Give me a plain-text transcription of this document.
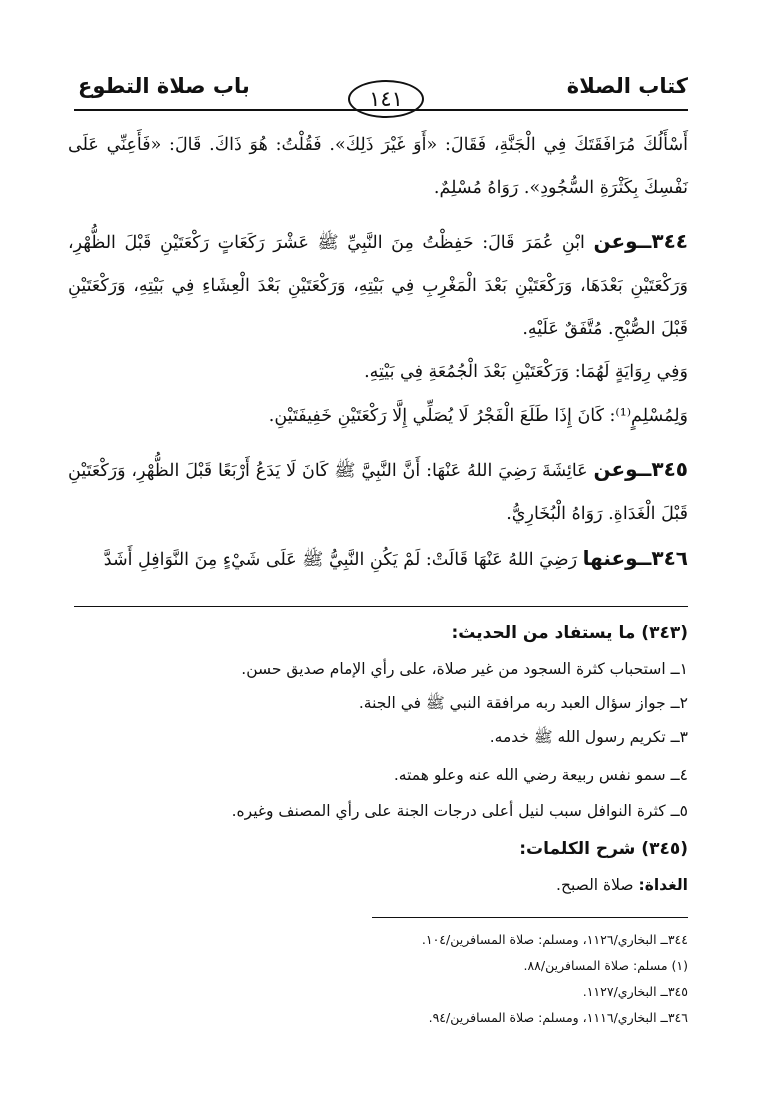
كتاب الصلاة
١٤١
باب صلاة التطوع
أَسْأَلُكَ مُرَافَقَتَكَ فِي الْجَنَّةِ، فَقَالَ: «أَوَ غَيْرَ ذَلِكَ». فَقُلْتُ: هُوَ ذَاكَ. قَالَ: «فَأَعِنِّي عَلَى نَفْسِكَ بِكَثْرَةِ السُّجُودِ». رَوَاهُ مُسْلِمٌ.
٣٤٤ــوعن ابْنِ عُمَرَ قَالَ: حَفِظْتُ مِنَ النَّبِيِّ ﷺ عَشْرَ رَكَعَاتٍ رَكْعَتَيْنِ قَبْلَ الظُّهْرِ، وَرَكْعَتَيْنِ بَعْدَهَا، وَرَكْعَتَيْنِ بَعْدَ الْمَغْرِبِ فِي بَيْتِهِ، وَرَكْعَتَيْنِ بَعْدَ الْعِشَاءِ فِي بَيْتِهِ، وَرَكْعَتَيْنِ قَبْلَ الصُّبْحِ. مُتَّفَقٌ عَلَيْهِ.
وَفِي رِوَايَةٍ لَهُمَا: وَرَكْعَتَيْنِ بَعْدَ الْجُمُعَةِ فِي بَيْتِهِ.
وَلِمُسْلِمٍ⁽¹⁾: كَانَ إِذَا طَلَعَ الْفَجْرُ لَا يُصَلِّي إِلَّا رَكْعَتَيْنِ خَفِيفَتَيْنِ.
٣٤٥ــوعن عَائِشَةَ رَضِيَ اللهُ عَنْهَا: أَنَّ النَّبِيَّ ﷺ كَانَ لَا يَدَعُ أَرْبَعًا قَبْلَ الظُّهْرِ، وَرَكْعَتَيْنِ قَبْلَ الْغَدَاةِ. رَوَاهُ الْبُخَارِيُّ.
٣٤٦ــوعنها رَضِيَ اللهُ عَنْهَا قَالَتْ: لَمْ يَكُنِ النَّبِيُّ ﷺ عَلَى شَيْءٍ مِنَ النَّوَافِلِ أَشَدَّ
(٣٤٣) ما يستفاد من الحديث:
١ــ استحباب كثرة السجود من غير صلاة، على رأي الإمام صديق حسن.
٢ــ جواز سؤال العبد ربه مرافقة النبي ﷺ في الجنة.
٣ــ تكريم رسول الله ﷺ خدمه.
٤ــ سمو نفس ربيعة رضي الله عنه وعلو همته.
٥ــ كثرة النوافل سبب لنيل أعلى درجات الجنة على رأي المصنف وغيره.
(٣٤٥) شرح الكلمات:
الغداة: صلاة الصبح.
٣٤٤ــ البخاري/١١٢٦، ومسلم: صلاة المسافرين/١٠٤.
(١) مسلم: صلاة المسافرين/٨٨.
٣٤٥ــ البخاري/١١٢٧.
٣٤٦ــ البخاري/١١١٦، ومسلم: صلاة المسافرين/٩٤.
